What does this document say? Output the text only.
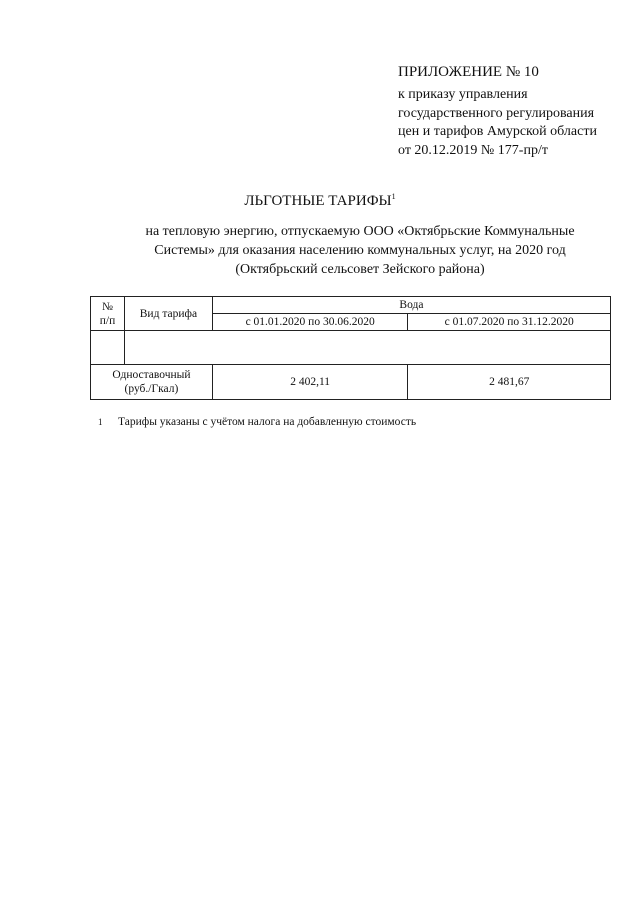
ПРИЛОЖЕНИЕ № 10
к приказу управления
государственного регулирования
цен и тарифов Амурской области
от 20.12.2019 № 177-пр/т
ЛЬГОТНЫЕ ТАРИФЫ$^1$
на тепловую энергию, отпускаемую ООО «Октябрьские Коммунальные
Системы» для оказания населению коммунальных услуг, на 2020 год
(Октябрьский сельсовет Зейского района)
№
п/п	Вид тарифа	Вода	
		с 01.01.2020 по 30.06.2020	с 01.07.2020 по 31.12.2020

Одноставочный
(руб./Гкал)		2 402,11	2 481,67
1 Тарифы указаны с учётом налога на добавленную стоимость
